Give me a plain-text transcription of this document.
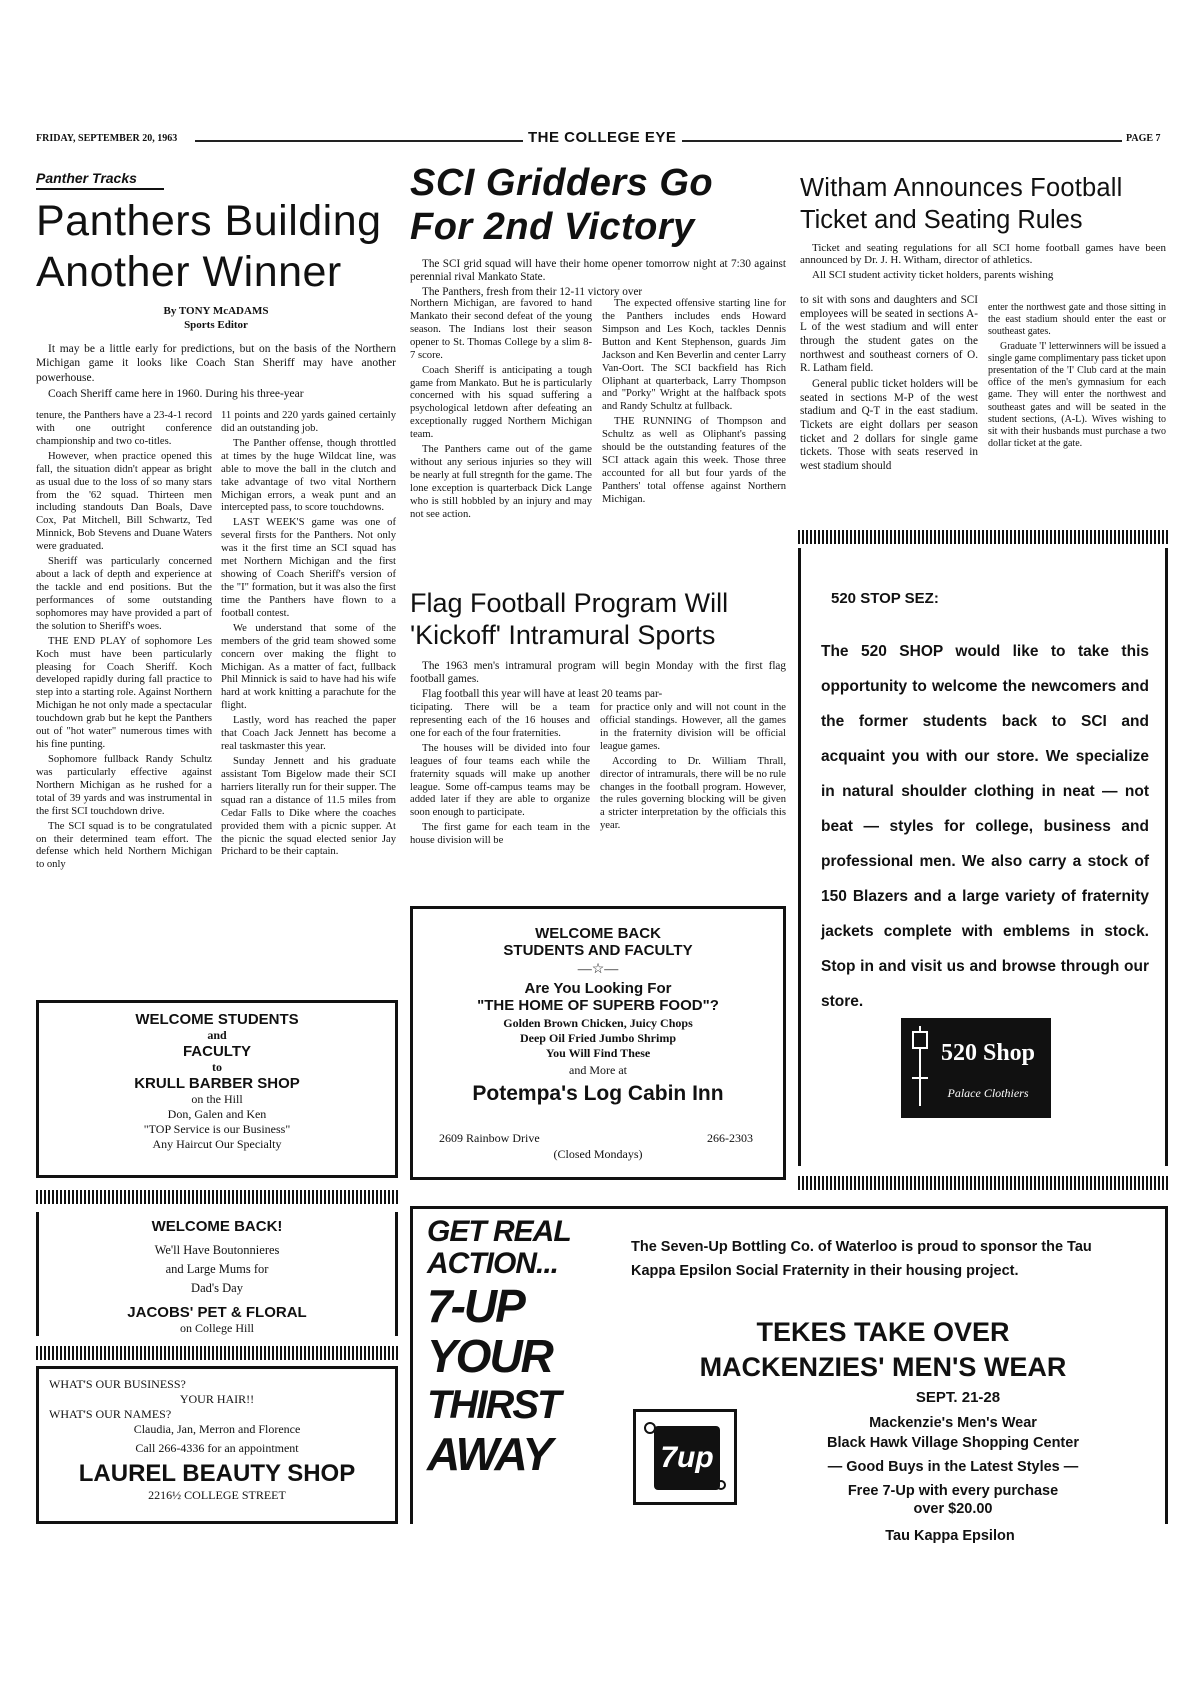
FRIDAY, SEPTEMBER 20, 1963	THE COLLEGE EYE	PAGE 7
Panther Tracks
Panthers Building Another Winner
By TONY McADAMS
Sports Editor

It may be a little early for predictions, but on the basis of the Northern Michigan game it looks like Coach Stan Sheriff may have another powerhouse.

Coach Sheriff came here in 1960. During his three-year

tenure, the Panthers have a 23-4-1 record with one outright conference championship and two co-titles.

However, when practice opened this fall, the situation didn't appear as bright as usual due to the loss of so many stars from the '62 squad. Thirteen men including standouts Dan Boals, Dave Cox, Pat Mitchell, Bill Schwartz, Ted Minnick, Bob Stevens and Duane Waters were graduated.

Sheriff was particularly concerned about a lack of depth and experience at the tackle and end positions. But the performances of some outstanding sophomores may have provided a part of the solution to Sheriff's woes.

THE END PLAY of sophomore Les Koch must have been particularly pleasing for Coach Sheriff. Koch developed rapidly during fall practice to step into a starting role. Against Northern Michigan he not only made a spectacular touchdown grab but he kept the Panthers out of "hot water" numerous times with his fine punting.

Sophomore fullback Randy Schultz was particularly effective against Northern Michigan as he rushed for a total of 39 yards and was instrumental in the first SCI touchdown drive.

The SCI squad is to be congratulated on their determined team effort. The defense which held Northern Michigan to only

11 points and 220 yards gained certainly did an outstanding job.

The Panther offense, though throttled at times by the huge Wildcat line, was able to move the ball in the clutch and take advantage of two vital Northern Michigan errors, a weak punt and an intercepted pass, to score touchdowns.

LAST WEEK'S game was one of several firsts for the Panthers. Not only was it the first time an SCI squad has met Northern Michigan and the first showing of Coach Sheriff's version of the "I" formation, but it was also the first time the Panthers have flown to a football contest.

We understand that some of the members of the grid team showed some concern over making the flight to Michigan. As a matter of fact, fullback Phil Minnick is said to have had his wife hard at work knitting a parachute for the flight.

Lastly, word has reached the paper that Coach Jack Jennett has become a real taskmaster this year.

Sunday Jennett and his graduate assistant Tom Bigelow made their SCI harriers literally run for their supper. The squad ran a distance of 11.5 miles from Cedar Falls to Dike where the coaches provided them with a picnic supper. At the picnic the squad elected senior Jay Prichard to be their captain.

WELCOME STUDENTS
and
FACULTY
to
KRULL BARBER SHOP
on the Hill
Don, Galen and Ken
"TOP Service is our Business"
Any Haircut Our Specialty
WELCOME BACK!
We'll Have Boutonnieres
and Large Mums for
Dad's Day
JACOBS' PET & FLORAL
on College Hill
WHAT'S OUR BUSINESS?
YOUR HAIR!!
WHAT'S OUR NAMES?
Claudia, Jan, Merron and Florence
Call 266-4336 for an appointment
LAUREL BEAUTY SHOP
2216½ COLLEGE STREET
SCI Gridders Go
For 2nd Victory

The SCI grid squad will have their home opener tomorrow night at 7:30 against perennial rival Mankato State.

The Panthers, fresh from their 12-11 victory over

Northern Michigan, are favored to hand Mankato their second defeat of the young season. The Indians lost their season opener to St. Thomas College by a slim 8-7 score.

Coach Sheriff is anticipating a tough game from Mankato. But he is particularly concerned with his squad suffering a psychological letdown after defeating an exceptionally rugged Northern Michigan team.

The Panthers came out of the game without any serious injuries so they will be nearly at full stregnth for the game. The lone exception is quarterback Dick Lange who is still hobbled by an injury and may not see action.

The expected offensive starting line for the Panthers includes ends Howard Simpson and Les Koch, tackles Dennis Button and Kent Stephenson, guards Jim Jackson and Ken Beverlin and center Larry Van-Oort. The SCI backfield has Rich Oliphant at quarterback, Larry Thompson and "Porky" Wright at the halfback spots and Randy Schultz at fullback.

THE RUNNING of Thompson and Schultz as well as Oliphant's passing should be the outstanding features of the SCI attack again this week. Those three accounted for all but four yards of the Panthers' total offense against Northern Michigan.

Flag Football Program Will
'Kickoff' Intramural Sports

The 1963 men's intramural program will begin Monday with the first flag football games.

Flag football this year will have at least 20 teams par-

ticipating. There will be a team representing each of the 16 houses and one for each of the four fraternities.

The houses will be divided into four leagues of four teams each while the fraternity squads will make up another league. Some off-campus teams may be added later if they are able to organize soon enough to participate.

The first game for each team in the house division will be

for practice only and will not count in the official standings. However, all the games in the fraternity division will be official league games.

According to Dr. William Thrall, director of intramurals, there will be no rule changes in the football program. However, the rules governing blocking will be given a stricter interpretation by the officials this year.

WELCOME BACK
STUDENTS AND FACULTY
—☆—
Are You Looking For
"THE HOME OF SUPERB FOOD"?
Golden Brown Chicken, Juicy Chops
Deep Oil Fried Jumbo Shrimp
You Will Find These
and More at
Potempa's Log Cabin Inn
2609 Rainbow Drive	266-2303
(Closed Mondays)
Witham Announces Football
Ticket and Seating Rules

Ticket and seating regulations for all SCI home football games have been announced by Dr. J. H. Witham, director of athletics.

All SCI student activity ticket holders, parents wishing

to sit with sons and daughters and SCI employees will be seated in sections A-L of the west stadium and will enter through the student gates on the northwest and southeast corners of O. R. Latham field.

General public ticket holders will be seated in sections M-P of the west stadium and Q-T in the east stadium. Tickets are eight dollars per season ticket and 2 dollars for single game tickets. Those with seats reserved in west stadium should

enter the northwest gate and those sitting in the east stadium should enter the east or southeast gates.

Graduate 'I' letterwinners will be issued a single game complimentary pass ticket upon presentation of the 'I' Club card at the main office of the men's gymnasium for each game. They will enter the northwest and southeast gates and will be seated in the student sections, (A-L). Wives wishing to sit with their husbands must purchase a two dollar ticket at the gate.

520 STOP SEZ:
The 520 SHOP would like to take this opportunity to welcome the newcomers and the former students back to SCI and acquaint you with our store. We specialize in natural shoulder clothing in neat — not beat — styles for college, business and professional men. We also carry a stock of 150 Blazers and a large variety of fraternity jackets complete with emblems in stock. Stop in and visit us and browse through our store.
520 Shop
Palace Clothiers
GET REAL
ACTION...
7-UP
YOUR
THIRST
AWAY
The Seven-Up Bottling Co. of Waterloo is proud to sponsor the Tau Kappa Epsilon Social Fraternity in their housing project.
TEKES TAKE OVER
MACKENZIES' MEN'S WEAR
SEPT. 21-28
7up
Mackenzie's Men's Wear
Black Hawk Village Shopping Center
— Good Buys in the Latest Styles —
Free 7-Up with every purchase
over $20.00
Tau Kappa Epsilon
